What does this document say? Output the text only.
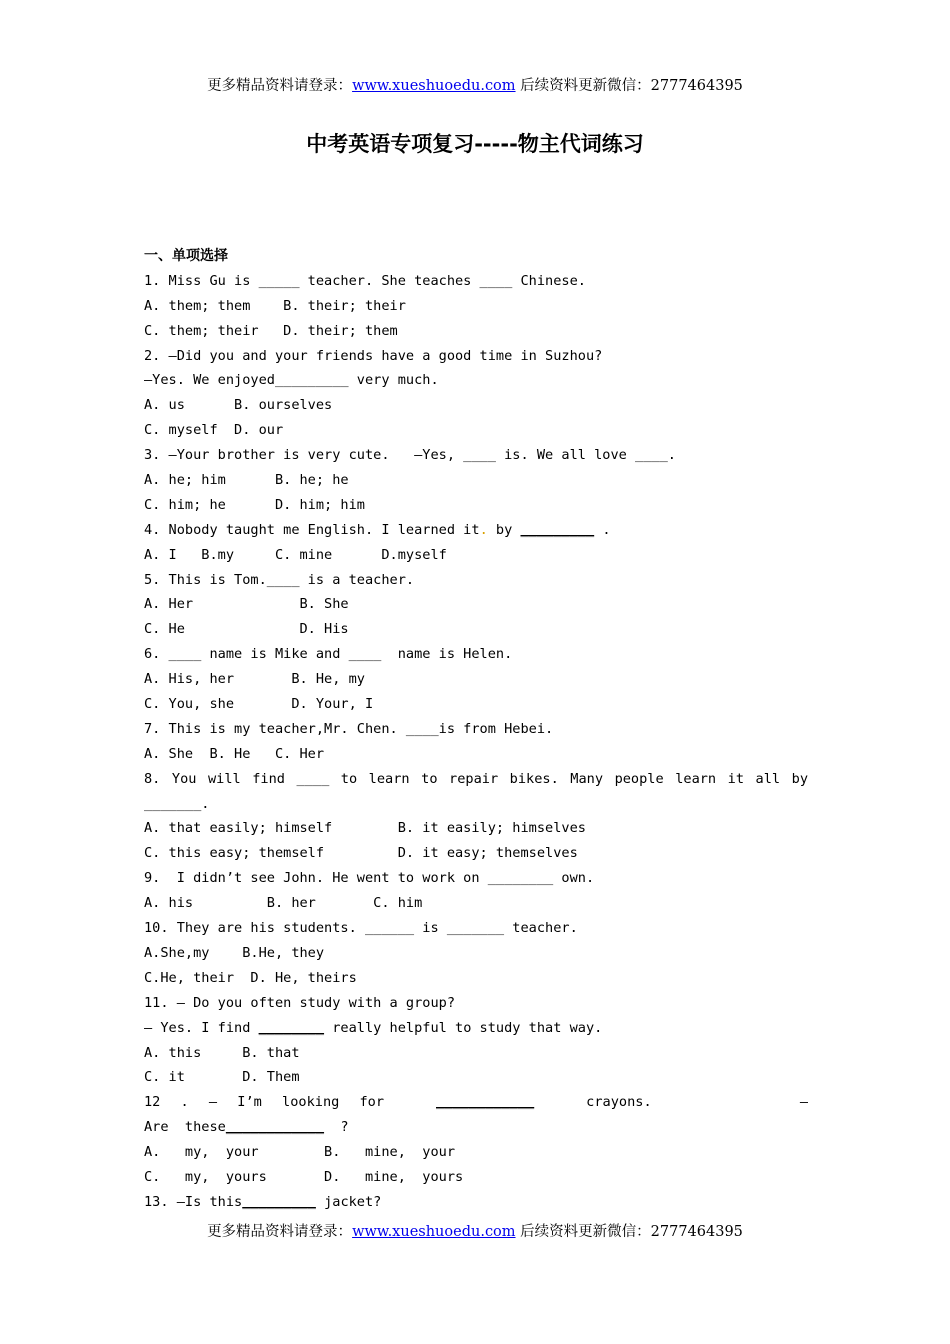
更多精品资料请登录：www.xueshuoedu.com 后续资料更新微信：2777464395
中考英语专项复习-----物主代词练习
一、单项选择
1. Miss Gu is _____ teacher. She teaches ____ Chinese.
A. them; them    B. their; their
C. them; their   D. their; them
2. —Did you and your friends have a good time in Suzhou?
—Yes. We enjoyed_________ very much.
A. us      B. ourselves
C. myself  D. our
3. —Your brother is very cute.   —Yes, ____ is. We all love ____.
A. he; him      B. he; he
C. him; he      D. him; him
4. Nobody taught me English. I learned it. by _________ .
A. I   B.my     C. mine      D.myself
5. This is Tom.____ is a teacher.
A. Her             B. She
C. He              D. His
6. ____ name is Mike and ____  name is Helen.
A. His, her       B. He, my
C. You, she       D. Your, I
7. This is my teacher,Mr. Chen. ____is from Hebei.
A. She  B. He   C. Her
8. You will find ____ to learn to repair bikes. Many people learn it all by
_______.
A. that easily; himself        B. it easily; himselves
C. this easy; themself         D. it easy; themselves
9.  I didn’t see John. He went to work on ________ own.
A. his         B. her       C. him
10. They are his students. ______ is _______ teacher.
A.She,my    B.He, they
C.He, their  D. He, theirs
11. — Do you often study with a group?
— Yes. I find ________ really helpful to study that way.
A. this     B. that
C. it       D. Them
12 . — I’m looking for	____________	crayons. —
Are  these____________  ?
A.   my,  your        B.   mine,  your
C.   my,  yours       D.   mine,  yours
13. —Is this_________ jacket?
更多精品资料请登录：www.xueshuoedu.com 后续资料更新微信：2777464395
